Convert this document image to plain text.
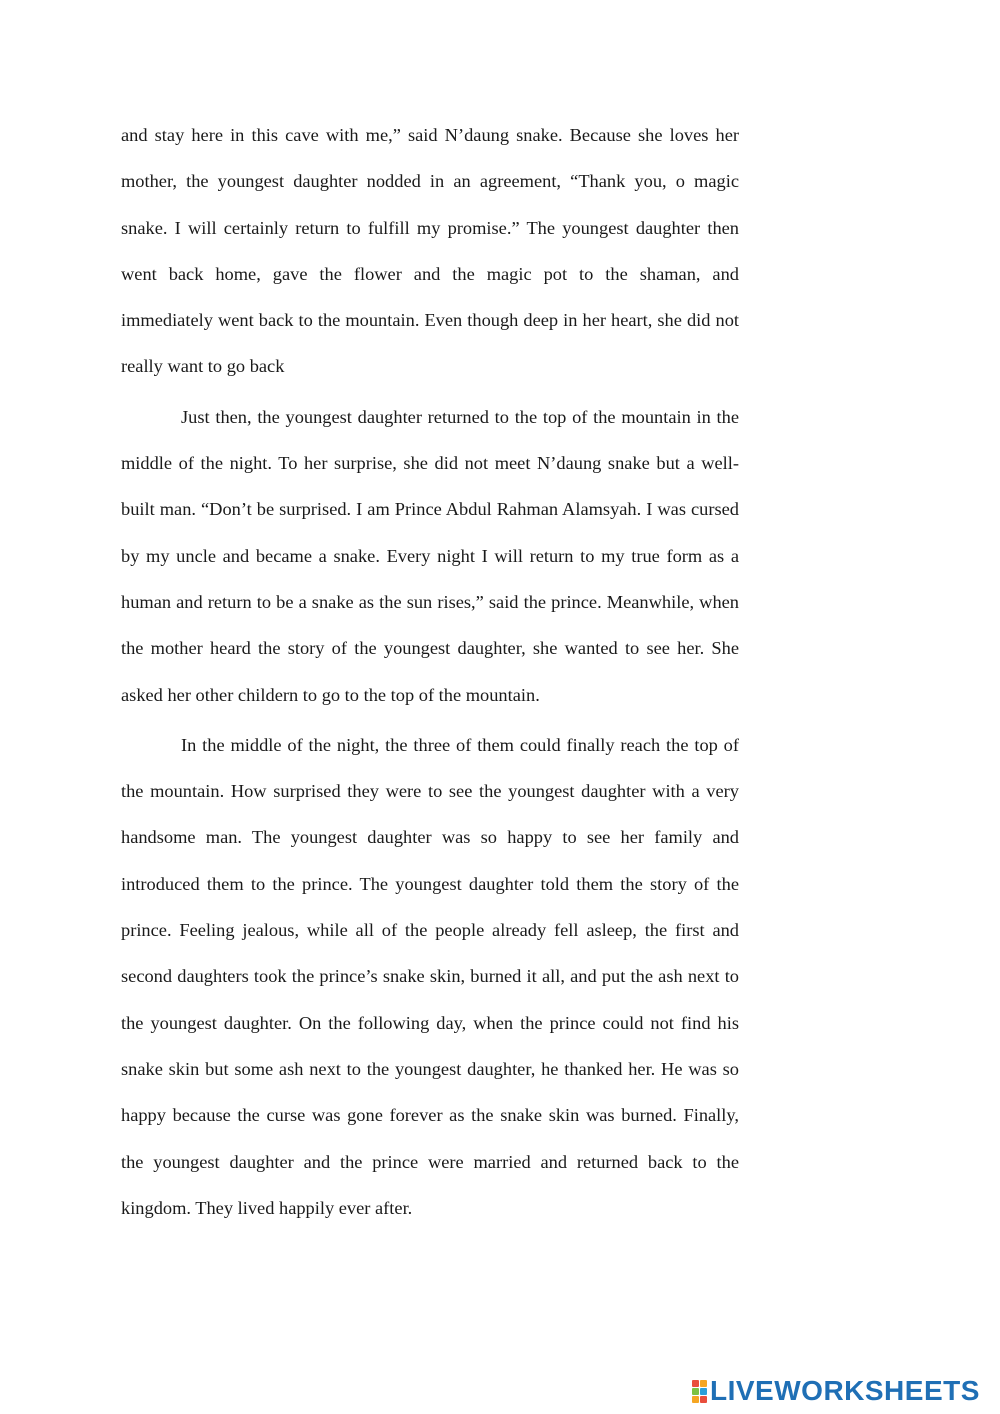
and stay here in this cave with me,” said N’daung snake. Because she loves her mother, the youngest daughter nodded in an agreement, “Thank you, o magic snake. I will certainly return to fulfill my promise.” The youngest daughter then went back home, gave the flower and the magic pot to the shaman, and immediately went back to the mountain. Even though deep in her heart, she did not really want to go back

Just then, the youngest daughter returned to the top of the mountain in the middle of the night. To her surprise, she did not meet N’daung snake but a well-built man. “Don’t be surprised. I am Prince Abdul Rahman Alamsyah. I was cursed by my uncle and became a snake. Every night I will return to my true form as a human and return to be a snake as the sun rises,” said the prince. Meanwhile, when the mother heard the story of the youngest daughter, she wanted to see her. She asked her other childern to go to the top of the mountain.

In the middle of the night, the three of them could finally reach the top of the mountain. How surprised they were to see the youngest daughter with a very handsome man. The youngest daughter was so happy to see her family and introduced them to the prince. The youngest daughter told them the story of the prince. Feeling jealous, while all of the people already fell asleep, the first and second daughters took the prince’s snake skin, burned it all, and put the ash next to the youngest daughter. On the following day, when the prince could not find his snake skin but some ash next to the youngest daughter, he thanked her. He was so happy because the curse was gone forever as the snake skin was burned. Finally, the youngest daughter and the prince were married and returned back to the kingdom. They lived happily ever after.

LIVEWORKSHEETS
